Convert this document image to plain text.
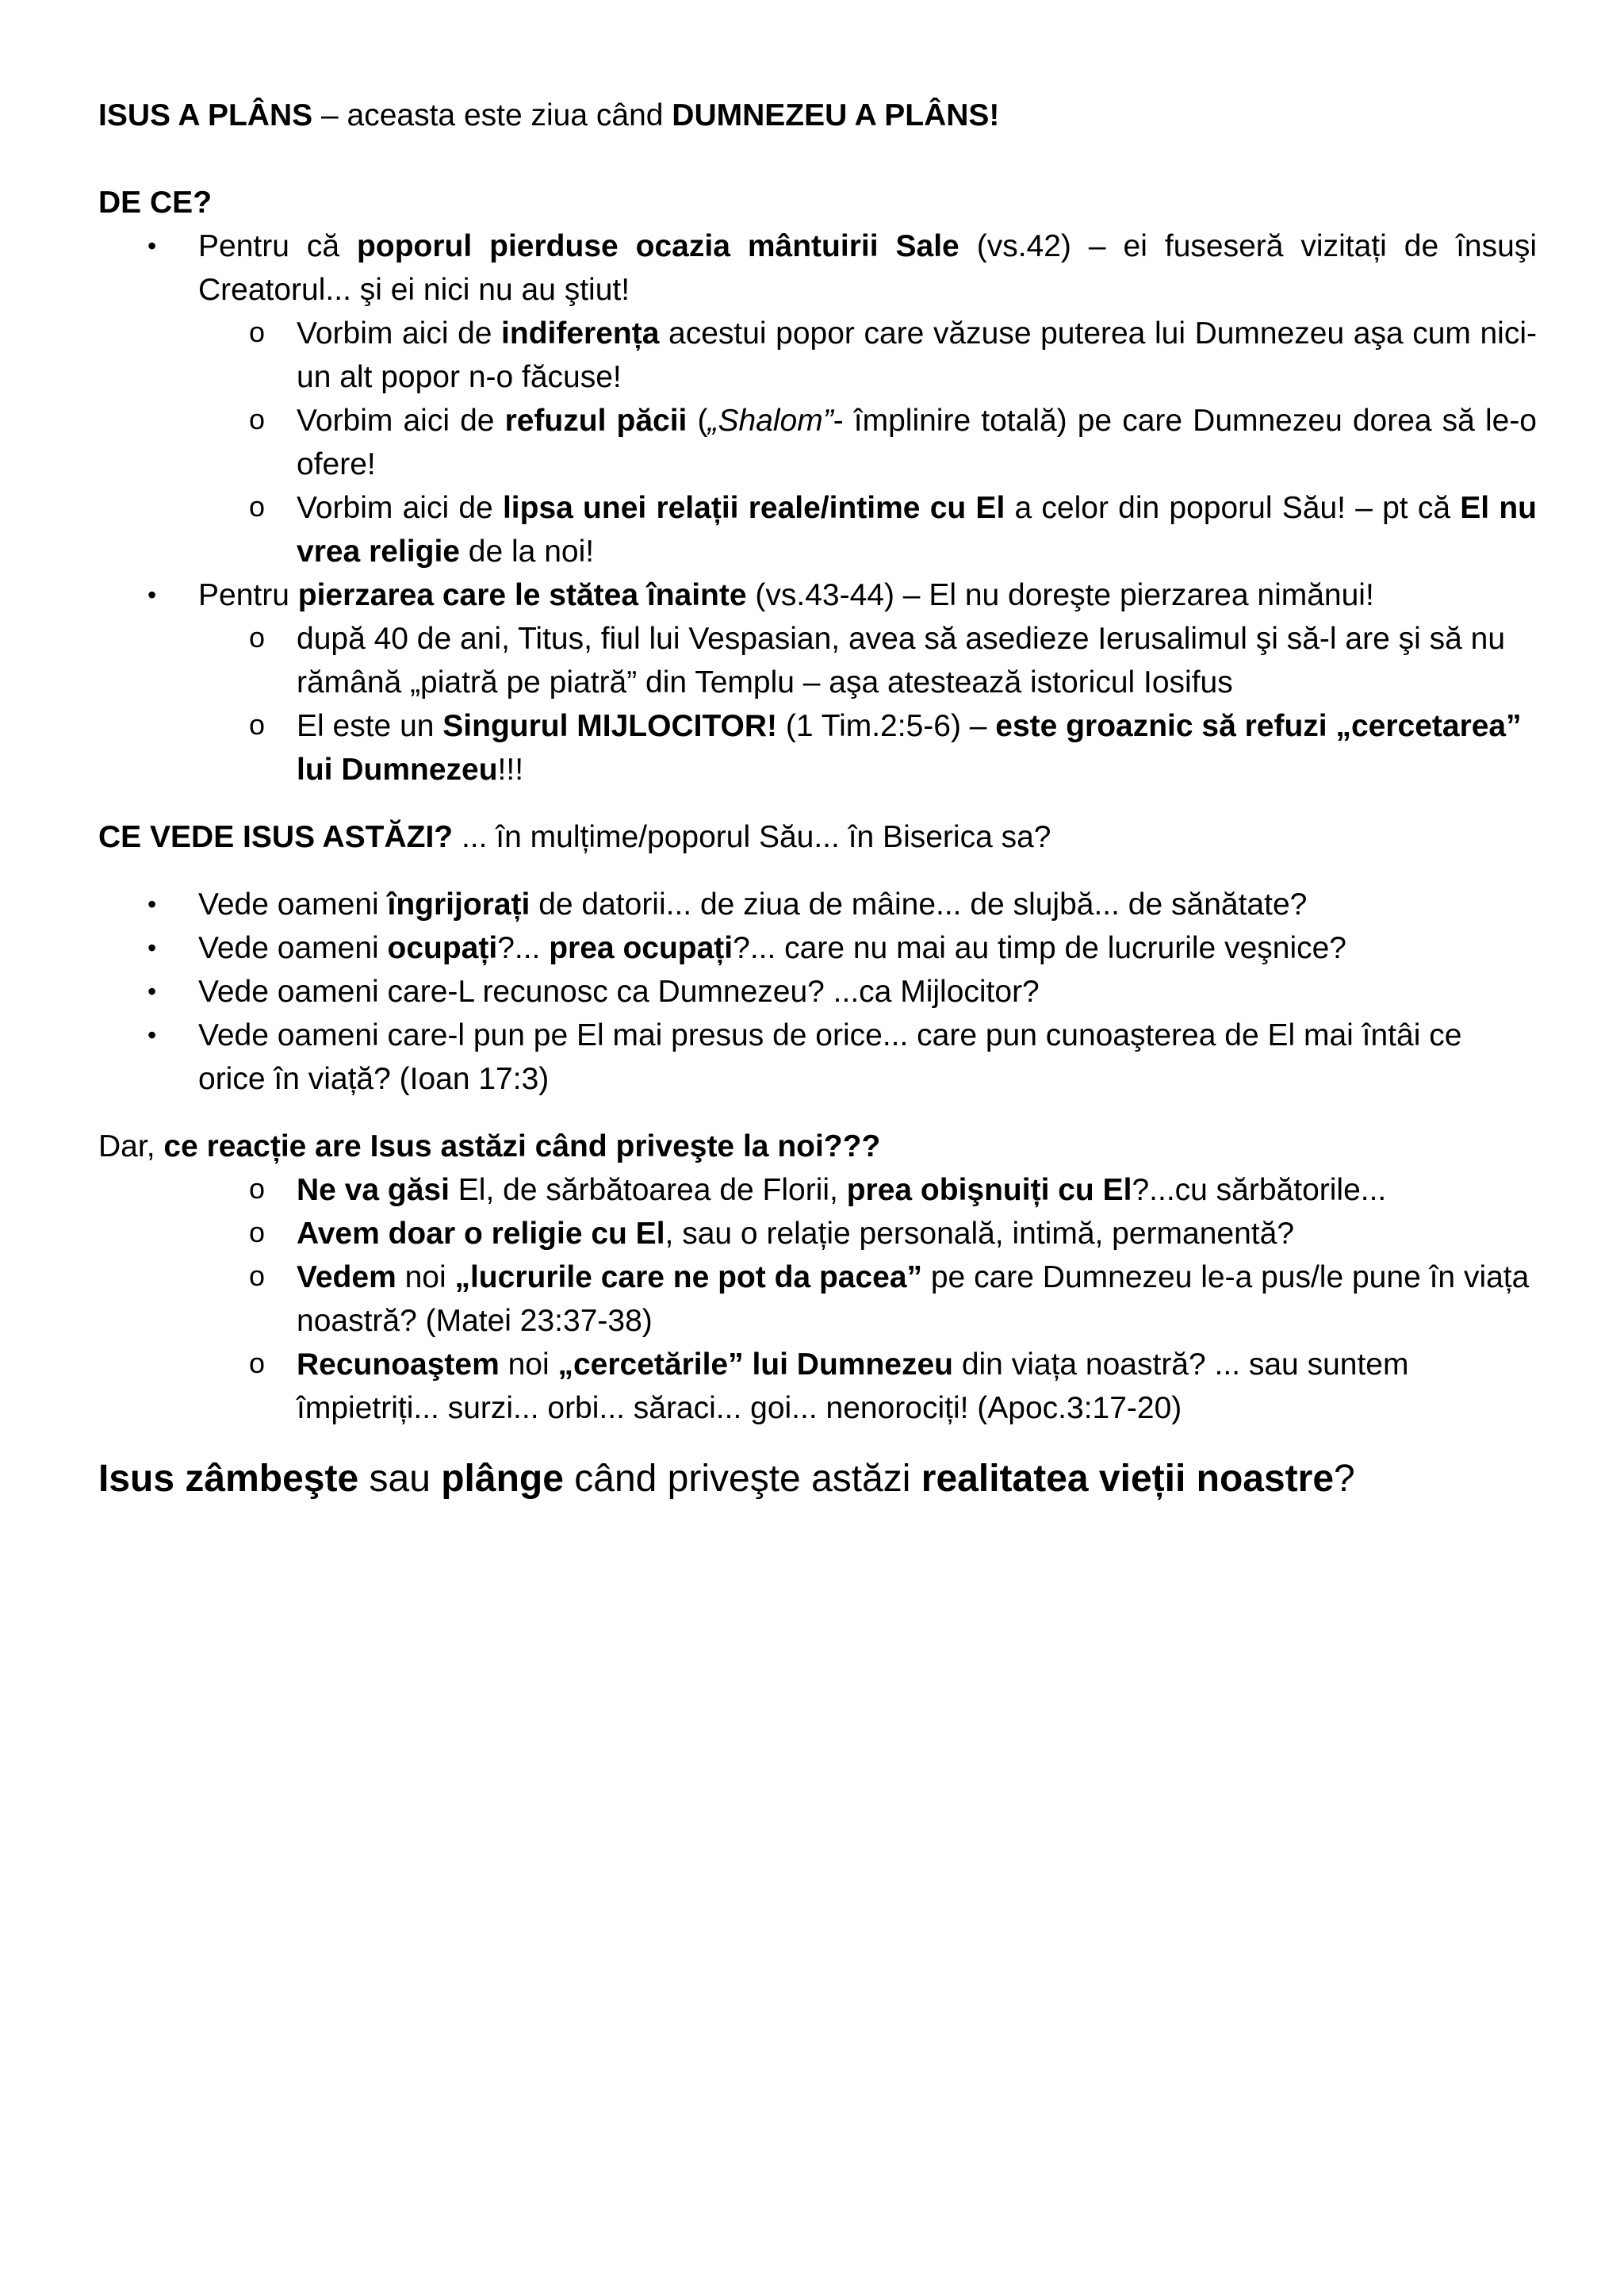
ISUS A PLÂNS – aceasta este ziua când DUMNEZEU A PLÂNS!

DE CE?

• Pentru că poporul pierduse ocazia mântuirii Sale (vs.42) – ei fuseseră vizitați de însuşi Creatorul... şi ei nici nu au ştiut!
o Vorbim aici de indiferența acestui popor care văzuse puterea lui Dumnezeu aşa cum nici-un alt popor n-o făcuse!
o Vorbim aici de refuzul păcii („Shalom”- împlinire totală) pe care Dumnezeu dorea să le-o ofere!
o Vorbim aici de lipsa unei relații reale/intime cu El a celor din poporul Său! – pt că El nu vrea religie de la noi!
• Pentru pierzarea care le stătea înainte (vs.43-44) – El nu doreşte pierzarea nimănui!
o după 40 de ani, Titus, fiul lui Vespasian, avea să asedieze Ierusalimul şi să-l are şi să nu rămână „piatră pe piatră” din Templu – aşa atestează istoricul Iosifus
o El este un Singurul MIJLOCITOR! (1 Tim.2:5-6) – este groaznic să refuzi „cercetarea” lui Dumnezeu!!!

CE VEDE ISUS ASTĂZI? ... în mulțime/poporul Său... în Biserica sa?

• Vede oameni îngrijorați de datorii... de ziua de mâine... de slujbă... de sănătate?
• Vede oameni ocupați?... prea ocupați?... care nu mai au timp de lucrurile veşnice?
• Vede oameni care-L recunosc ca Dumnezeu? ...ca Mijlocitor?
• Vede oameni care-l pun pe El mai presus de orice... care pun cunoaşterea de El mai întâi ce orice în viață? (Ioan 17:3)

Dar, ce reacție are Isus astăzi când priveşte la noi???

o Ne va găsi El, de sărbătoarea de Florii, prea obişnuiți cu El?...cu sărbătorile...
o Avem doar o religie cu El, sau o relație personală, intimă, permanentă?
o Vedem noi „lucrurile care ne pot da pacea” pe care Dumnezeu le-a pus/le pune în viața noastră? (Matei 23:37-38)
o Recunoaştem noi „cercetările” lui Dumnezeu din viața noastră? ... sau suntem împietriți... surzi... orbi... săraci... goi... nenorociți! (Apoc.3:17-20)

Isus zâmbeşte sau plânge când priveşte astăzi realitatea vieții noastre?
